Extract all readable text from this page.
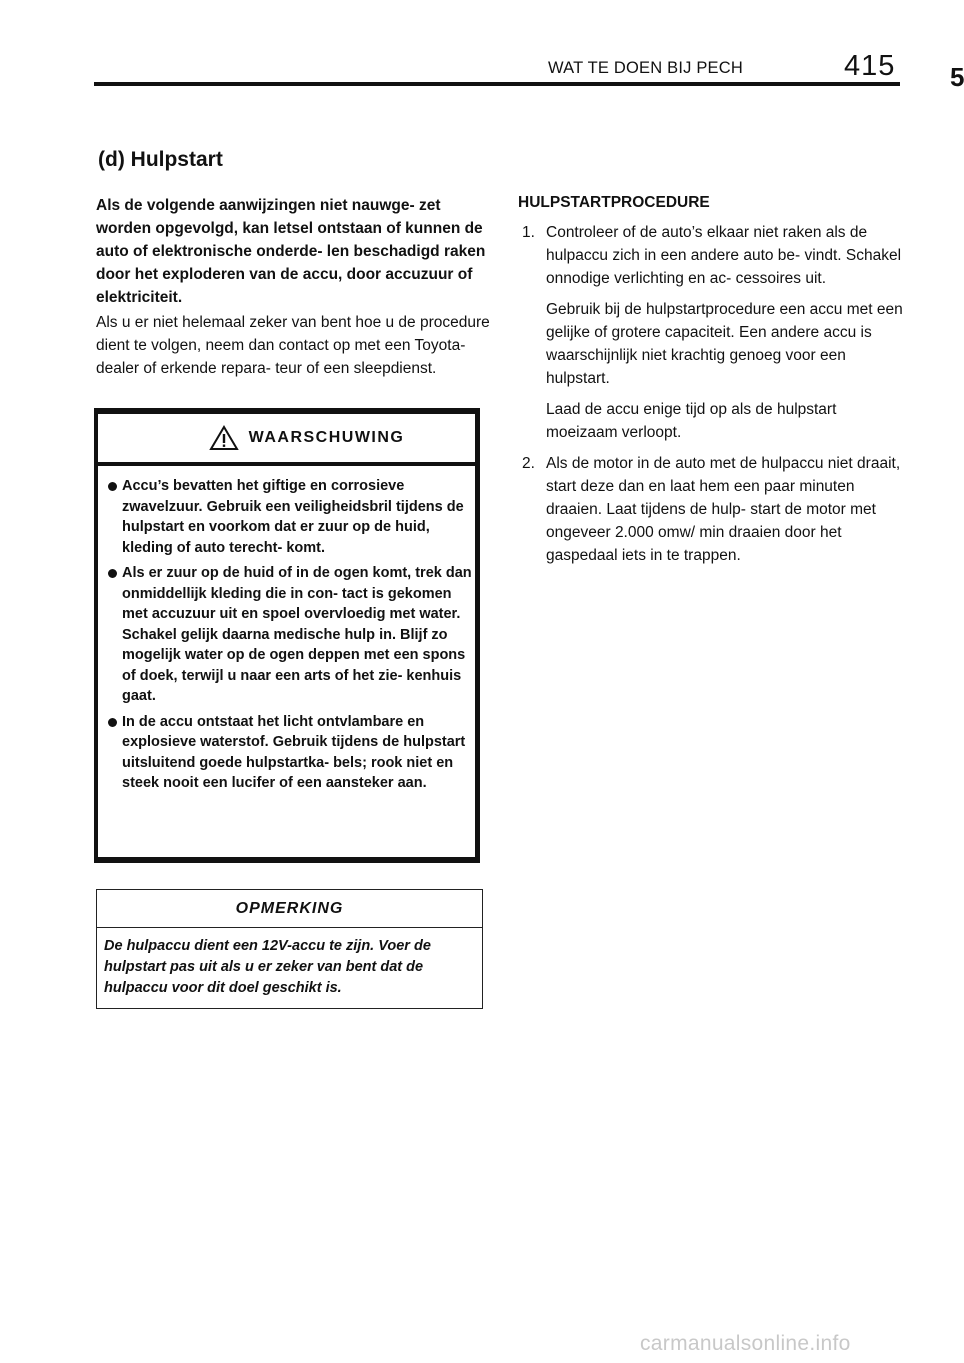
WAT TE DOEN BIJ PECH	415 5
(d) Hulpstart

Als de volgende aanwijzingen niet nauwge- zet worden opgevolgd, kan letsel ontstaan of kunnen de auto of elektronische onderde- len beschadigd raken door het exploderen van de accu, door accuzuur of elektriciteit.

Als u er niet helemaal zeker van bent hoe u de procedure dient te volgen, neem dan contact op met een Toyota-dealer of erkende repara- teur of een sleepdienst.

WAARSCHUWING
Accu’s bevatten het giftige en corrosieve zwavelzuur. Gebruik een veiligheidsbril tijdens de hulpstart en voorkom dat er zuur op de huid, kleding of auto terecht- komt.
Als er zuur op de huid of in de ogen komt, trek dan onmiddellijk kleding die in con- tact is gekomen met accuzuur uit en spoel overvloedig met water. Schakel gelijk daarna medische hulp in. Blijf zo mogelijk water op de ogen deppen met een spons of doek, terwijl u naar een arts of het zie- kenhuis gaat.
In de accu ontstaat het licht ontvlambare en explosieve waterstof. Gebruik tijdens de hulpstart uitsluitend goede hulpstartka- bels; rook niet en steek nooit een lucifer of een aansteker aan.
OPMERKING

De hulpaccu dient een 12V-accu te zijn. Voer de hulpstart pas uit als u er zeker van bent dat de hulpaccu voor dit doel geschikt is.

HULPSTARTPROCEDURE
1. Controleer of de auto’s elkaar niet raken als de hulpaccu zich in een andere auto be- vindt. Schakel onnodige verlichting en ac- cessoires uit.

Gebruik bij de hulpstartprocedure een accu met een gelijke of grotere capaciteit. Een andere accu is waarschijnlijk niet krachtig genoeg voor een hulpstart.

Laad de accu enige tijd op als de hulpstart moeizaam verloopt.

2. Als de motor in de auto met de hulpaccu niet draait, start deze dan en laat hem een paar minuten draaien. Laat tijdens de hulp- start de motor met ongeveer 2.000 omw/ min draaien door het gaspedaal iets in te trappen.

carmanualsonline.info
